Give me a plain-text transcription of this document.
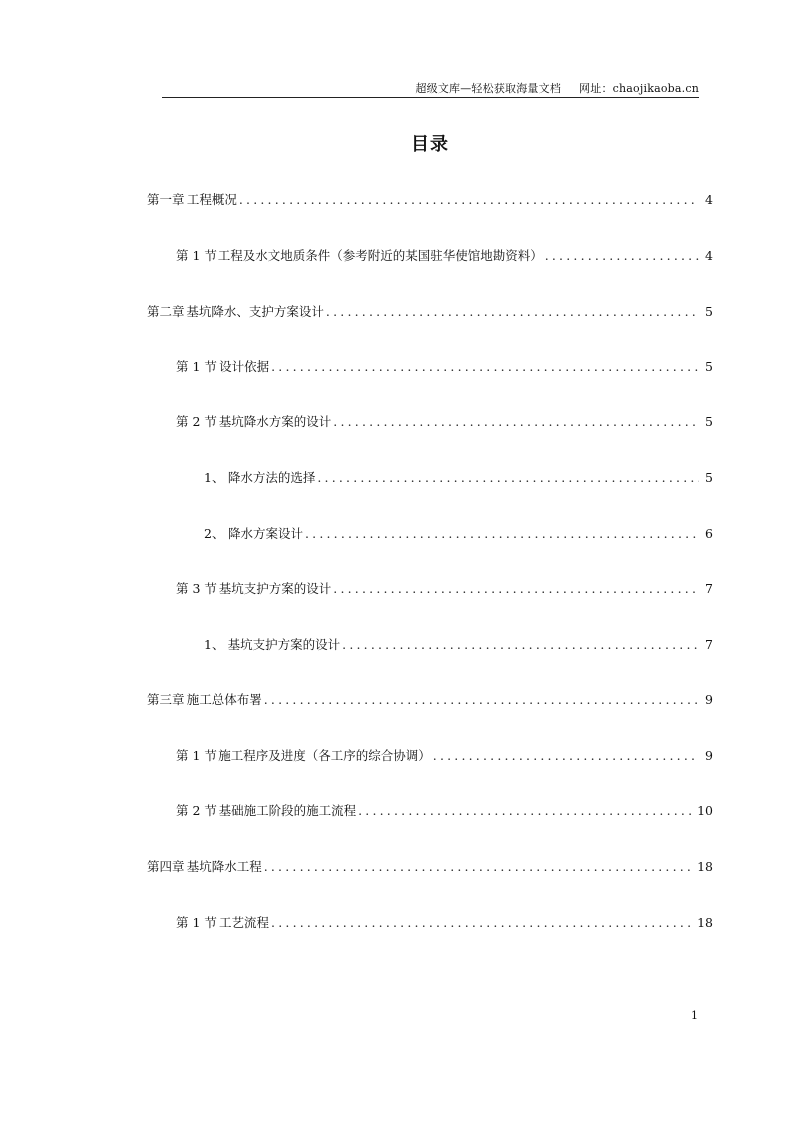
超级文库—轻松获取海量文档 网址：chaojikaoba.cn
目录
第一章 工程概况 .....	4
第 1 节 工程及水文地质条件（参考附近的某国驻华使馆地勘资料） .....	4
第二章 基坑降水、支护方案设计 .....	5
第 1 节 设计依据 .....	5
第 2 节 基坑降水方案的设计 .....	5
1、 降水方法的选择 .....	5
2、 降水方案设计 .....	6
第 3 节 基坑支护方案的设计 .....	7
1、 基坑支护方案的设计 .....	7
第三章 施工总体布署 .....	9
第 1 节 施工程序及进度（各工序的综合协调） .....	9
第 2 节 基础施工阶段的施工流程 .....	10
第四章 基坑降水工程 .....	18
第 1 节 工艺流程 .....	18
1
